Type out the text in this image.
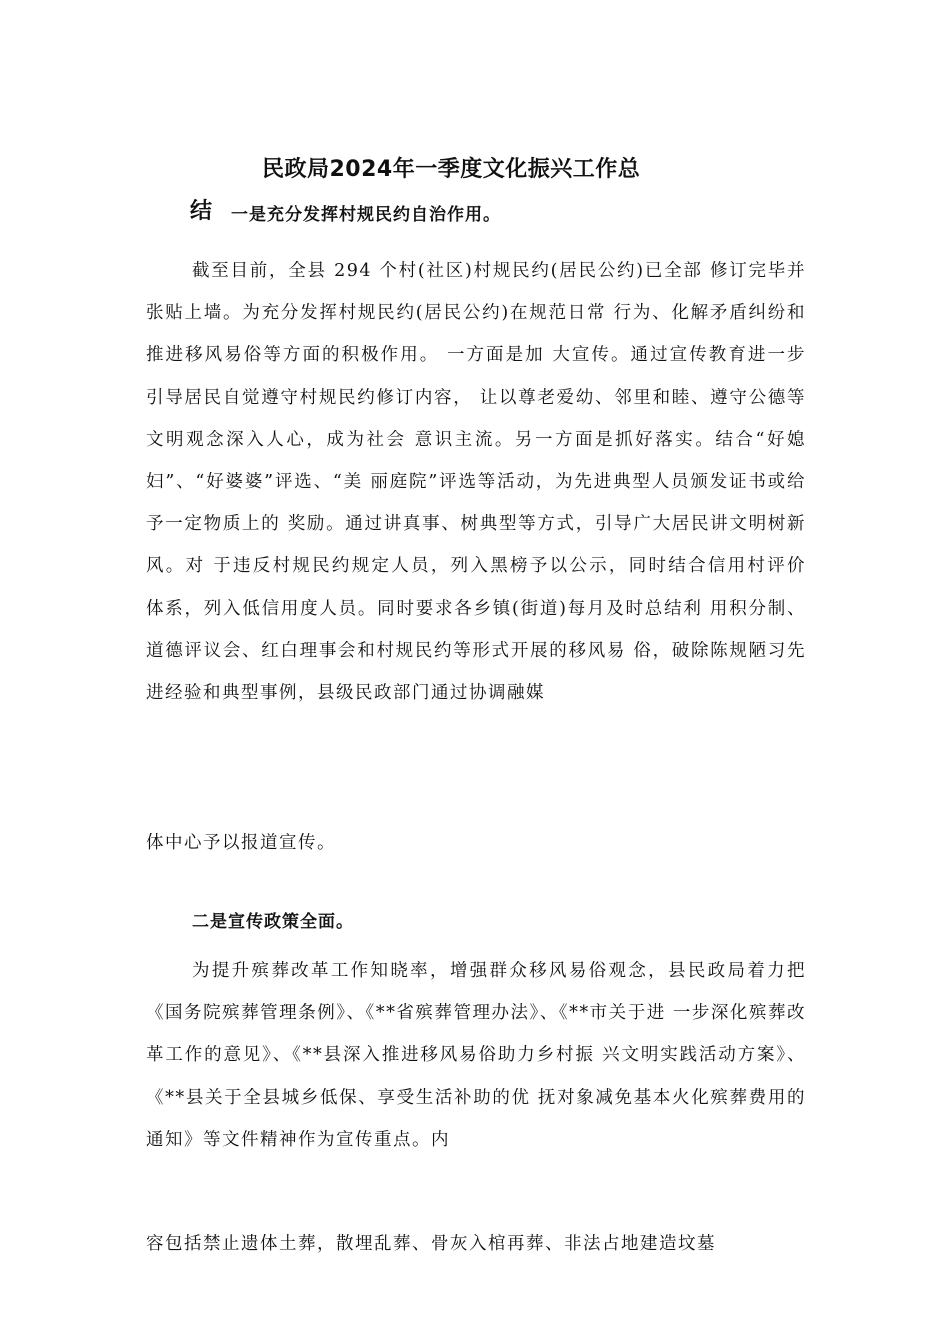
民政局2024年一季度文化振兴工作总
结 一是充分发挥村规民约自治作用。
截至目前，全县 294 个村(社区)村规民约(居民公约)已全部 修订完毕并张贴上墙。为充分发挥村规民约(居民公约)在规范日常 行为、化解矛盾纠纷和推进移风易俗等方面的积极作用。 一方面是加 大宣传。通过宣传教育进一步引导居民自觉遵守村规民约修订内容， 让以尊老爱幼、邻里和睦、遵守公德等文明观念深入人心，成为社会 意识主流。另一方面是抓好落实。结合“好媳妇”、“好婆婆”评选、“美 丽庭院”评选等活动，为先进典型人员颁发证书或给予一定物质上的 奖励。通过讲真事、树典型等方式，引导广大居民讲文明树新风。对 于违反村规民约规定人员，列入黑榜予以公示，同时结合信用村评价 体系，列入低信用度人员。同时要求各乡镇(街道)每月及时总结利 用积分制、道德评议会、红白理事会和村规民约等形式开展的移风易 俗，破除陈规陋习先进经验和典型事例，县级民政部门通过协调融媒
体中心予以报道宣传。
二是宣传政策全面。
为提升殡葬改革工作知晓率，增强群众移风易俗观念，县民政局着力把《国务院殡葬管理条例》、《**省殡葬管理办法》、《**市关于进 一步深化殡葬改革工作的意见》、《**县深入推进移风易俗助力乡村振 兴文明实践活动方案》、《**县关于全县城乡低保、享受生活补助的优 抚对象减免基本火化殡葬费用的通知》等文件精神作为宣传重点。内
容包括禁止遗体土葬，散埋乱葬、骨灰入棺再葬、非法占地建造坟墓
